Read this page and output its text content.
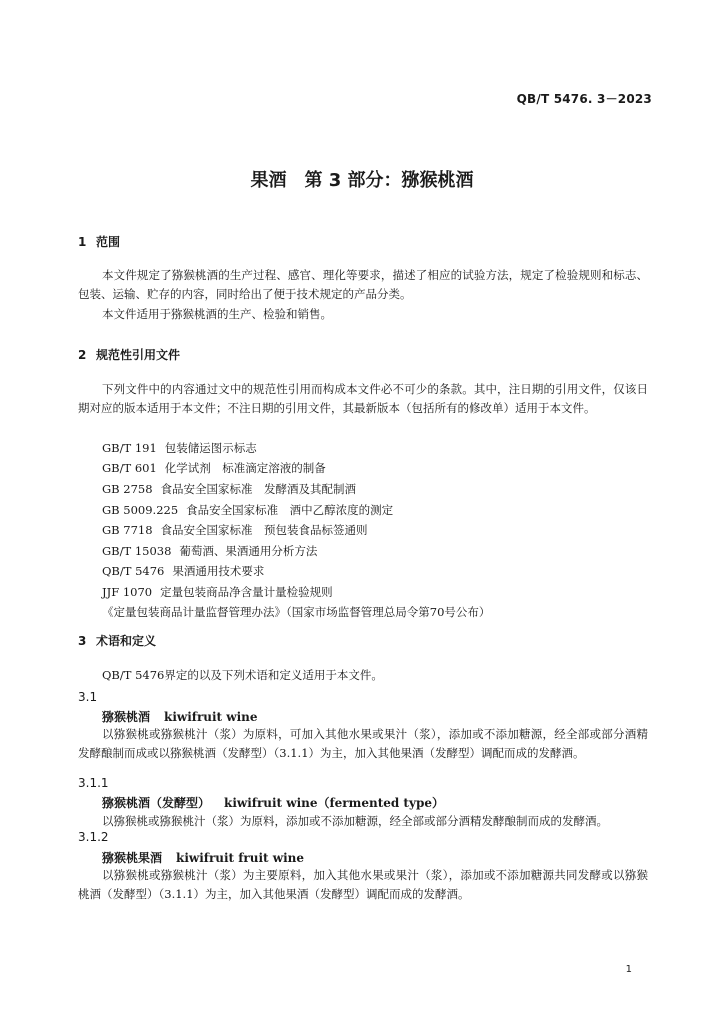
QB/T 5476. 3－2023
果酒 第 3 部分：猕猴桃酒
1 范围
本文件规定了猕猴桃酒的生产过程、感官、理化等要求，描述了相应的试验方法，规定了检验规则和标志、包装、运输、贮存的内容，同时给出了便于技术规定的产品分类。
本文件适用于猕猴桃酒的生产、检验和销售。
2 规范性引用文件
下列文件中的内容通过文中的规范性引用而构成本文件必不可少的条款。其中，注日期的引用文件，仅该日期对应的版本适用于本文件；不注日期的引用文件，其最新版本（包括所有的修改单）适用于本文件。
GB/T 191 包装储运图示标志
GB/T 601 化学试剂　标准滴定溶液的制备
GB 2758 食品安全国家标准　发酵酒及其配制酒
GB 5009.225 食品安全国家标准　酒中乙醇浓度的测定
GB 7718 食品安全国家标准　预包装食品标签通则
GB/T 15038 葡萄酒、果酒通用分析方法
QB/T 5476 果酒通用技术要求
JJF 1070 定量包装商品净含量计量检验规则
《定量包装商品计量监督管理办法》（国家市场监督管理总局令第70号公布）
3 术语和定义
QB/T 5476界定的以及下列术语和定义适用于本文件。
3.1
猕猴桃酒 kiwifruit wine
以猕猴桃或猕猴桃汁（浆）为原料，可加入其他水果或果汁（浆），添加或不添加糖源，经全部或部分酒精发酵酿制而成或以猕猴桃酒（发酵型）（3.1.1）为主，加入其他果酒（发酵型）调配而成的发酵酒。
3.1.1
猕猴桃酒（发酵型） kiwifruit wine（fermented type）
以猕猴桃或猕猴桃汁（浆）为原料，添加或不添加糖源，经全部或部分酒精发酵酿制而成的发酵酒。
3.1.2
猕猴桃果酒 kiwifruit fruit wine
以猕猴桃或猕猴桃汁（浆）为主要原料，加入其他水果或果汁（浆），添加或不添加糖源共同发酵或以猕猴桃酒（发酵型）（3.1.1）为主，加入其他果酒（发酵型）调配而成的发酵酒。
1
